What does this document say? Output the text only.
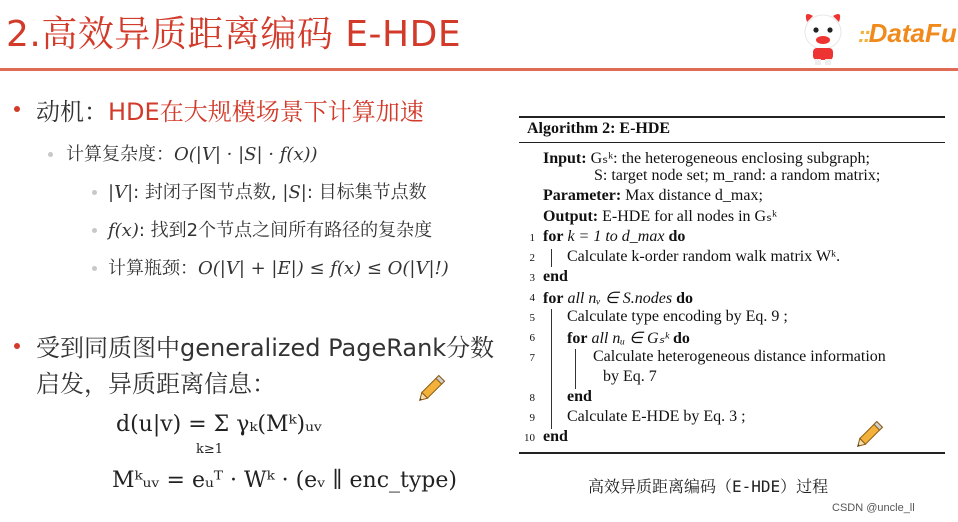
2.高效异质距离编码 E-HDE	::DataFu
动机：HDE在大规模场景下计算加速
计算复杂度：O(|V| · |S| · f(x))
|V|: 封闭子图节点数, |S|: 目标集节点数
f(x): 找到2个节点之间所有路径的复杂度
计算瓶颈：O(|V| + |E|) ≤ f(x) ≤ O(|V|!)
受到同质图中generalized PageRank分数
启发，异质距离信息：
d(u|v) = Σ γₖ(Mᵏ)ᵤᵥ
k≥1
Mᵏᵤᵥ = eᵤᵀ · Wᵏ · (eᵥ ∥ enc_type)
Algorithm 2: E-HDE
Input: Gₛᵏ: the heterogeneous enclosing subgraph;
S: target node set; m_rand: a random matrix;
Parameter: Max distance d_max;
Output: E-HDE for all nodes in Gₛᵏ
1 for k = 1 to d_max do
2 Calculate k-order random walk matrix Wᵏ.
3 end
4 for all nᵥ ∈ S.nodes do
5 Calculate type encoding by Eq. 9 ;
6 for all nᵤ ∈ Gₛᵏ do
7	Calculate heterogeneous distance information
by Eq. 7
8 end
9 Calculate E-HDE by Eq. 3 ;
10 end
高效异质距离编码（E-HDE）过程
CSDN @uncle_ll
